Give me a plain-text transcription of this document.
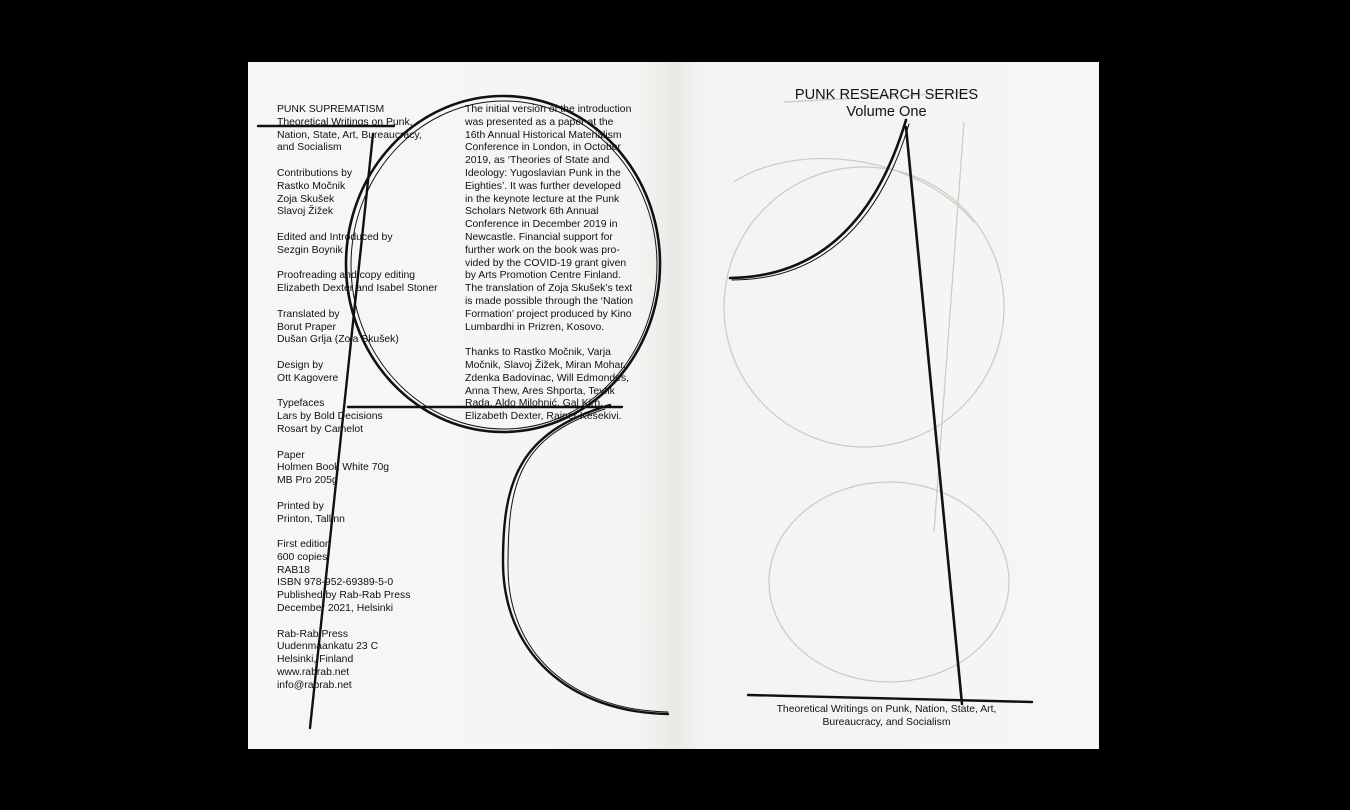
PUNK SUPREMATISM
Theoretical Writings on Punk,
Nation, State, Art, Bureaucracy,
and Socialism
Contributions by
Rastko Močnik
Zoja Skušek
Slavoj Žižek
Edited and Introduced by
Sezgin Boynik
Proofreading and copy editing
Elizabeth Dexter and Isabel Stoner
Translated by
Borut Praper
Dušan Grlja (Zoja Skušek)
Design by
Ott Kagovere
Typefaces
Lars by Bold Decisions
Rosart by Camelot
Paper
Holmen Book White 70g
MB Pro 205g
Printed by
Printon, Tallinn
First edition
600 copies
RAB18
ISBN 978-952-69389-5-0
Published by Rab-Rab Press
December 2021, Helsinki
Rab-Rab Press
Uudenmaankatu 23 C
Helsinki, Finland
www.rabrab.net
info@rabrab.net
The initial version of the introduction
was presented as a paper at the
16th Annual Historical Materialism
Conference in London, in October
2019, as ‘Theories of State and
Ideology: Yugoslavian Punk in the
Eighties’. It was further developed
in the keynote lecture at the Punk
Scholars Network 6th Annual
Conference in December 2019 in
Newcastle. Financial support for
further work on the book was pro-
vided by the COVID-19 grant given
by Arts Promotion Centre Finland.
The translation of Zoja Skušek’s text
is made possible through the ‘Nation
Formation’ project produced by Kino
Lumbardhi in Prizren, Kosovo.
Thanks to Rastko Močnik, Varja
Močnik, Slavoj Žižek, Miran Mohar,
Zdenka Badovinac, Will Edmondes,
Anna Thew, Ares Shporta, Tevfik
Rada, Aldo Milohnić, Gal Kirn,
Elizabeth Dexter, Rainer Kesekivi.
PUNK RESEARCH SERIES
Volume One
Theoretical Writings on Punk, Nation, State, Art,
Bureaucracy, and Socialism
